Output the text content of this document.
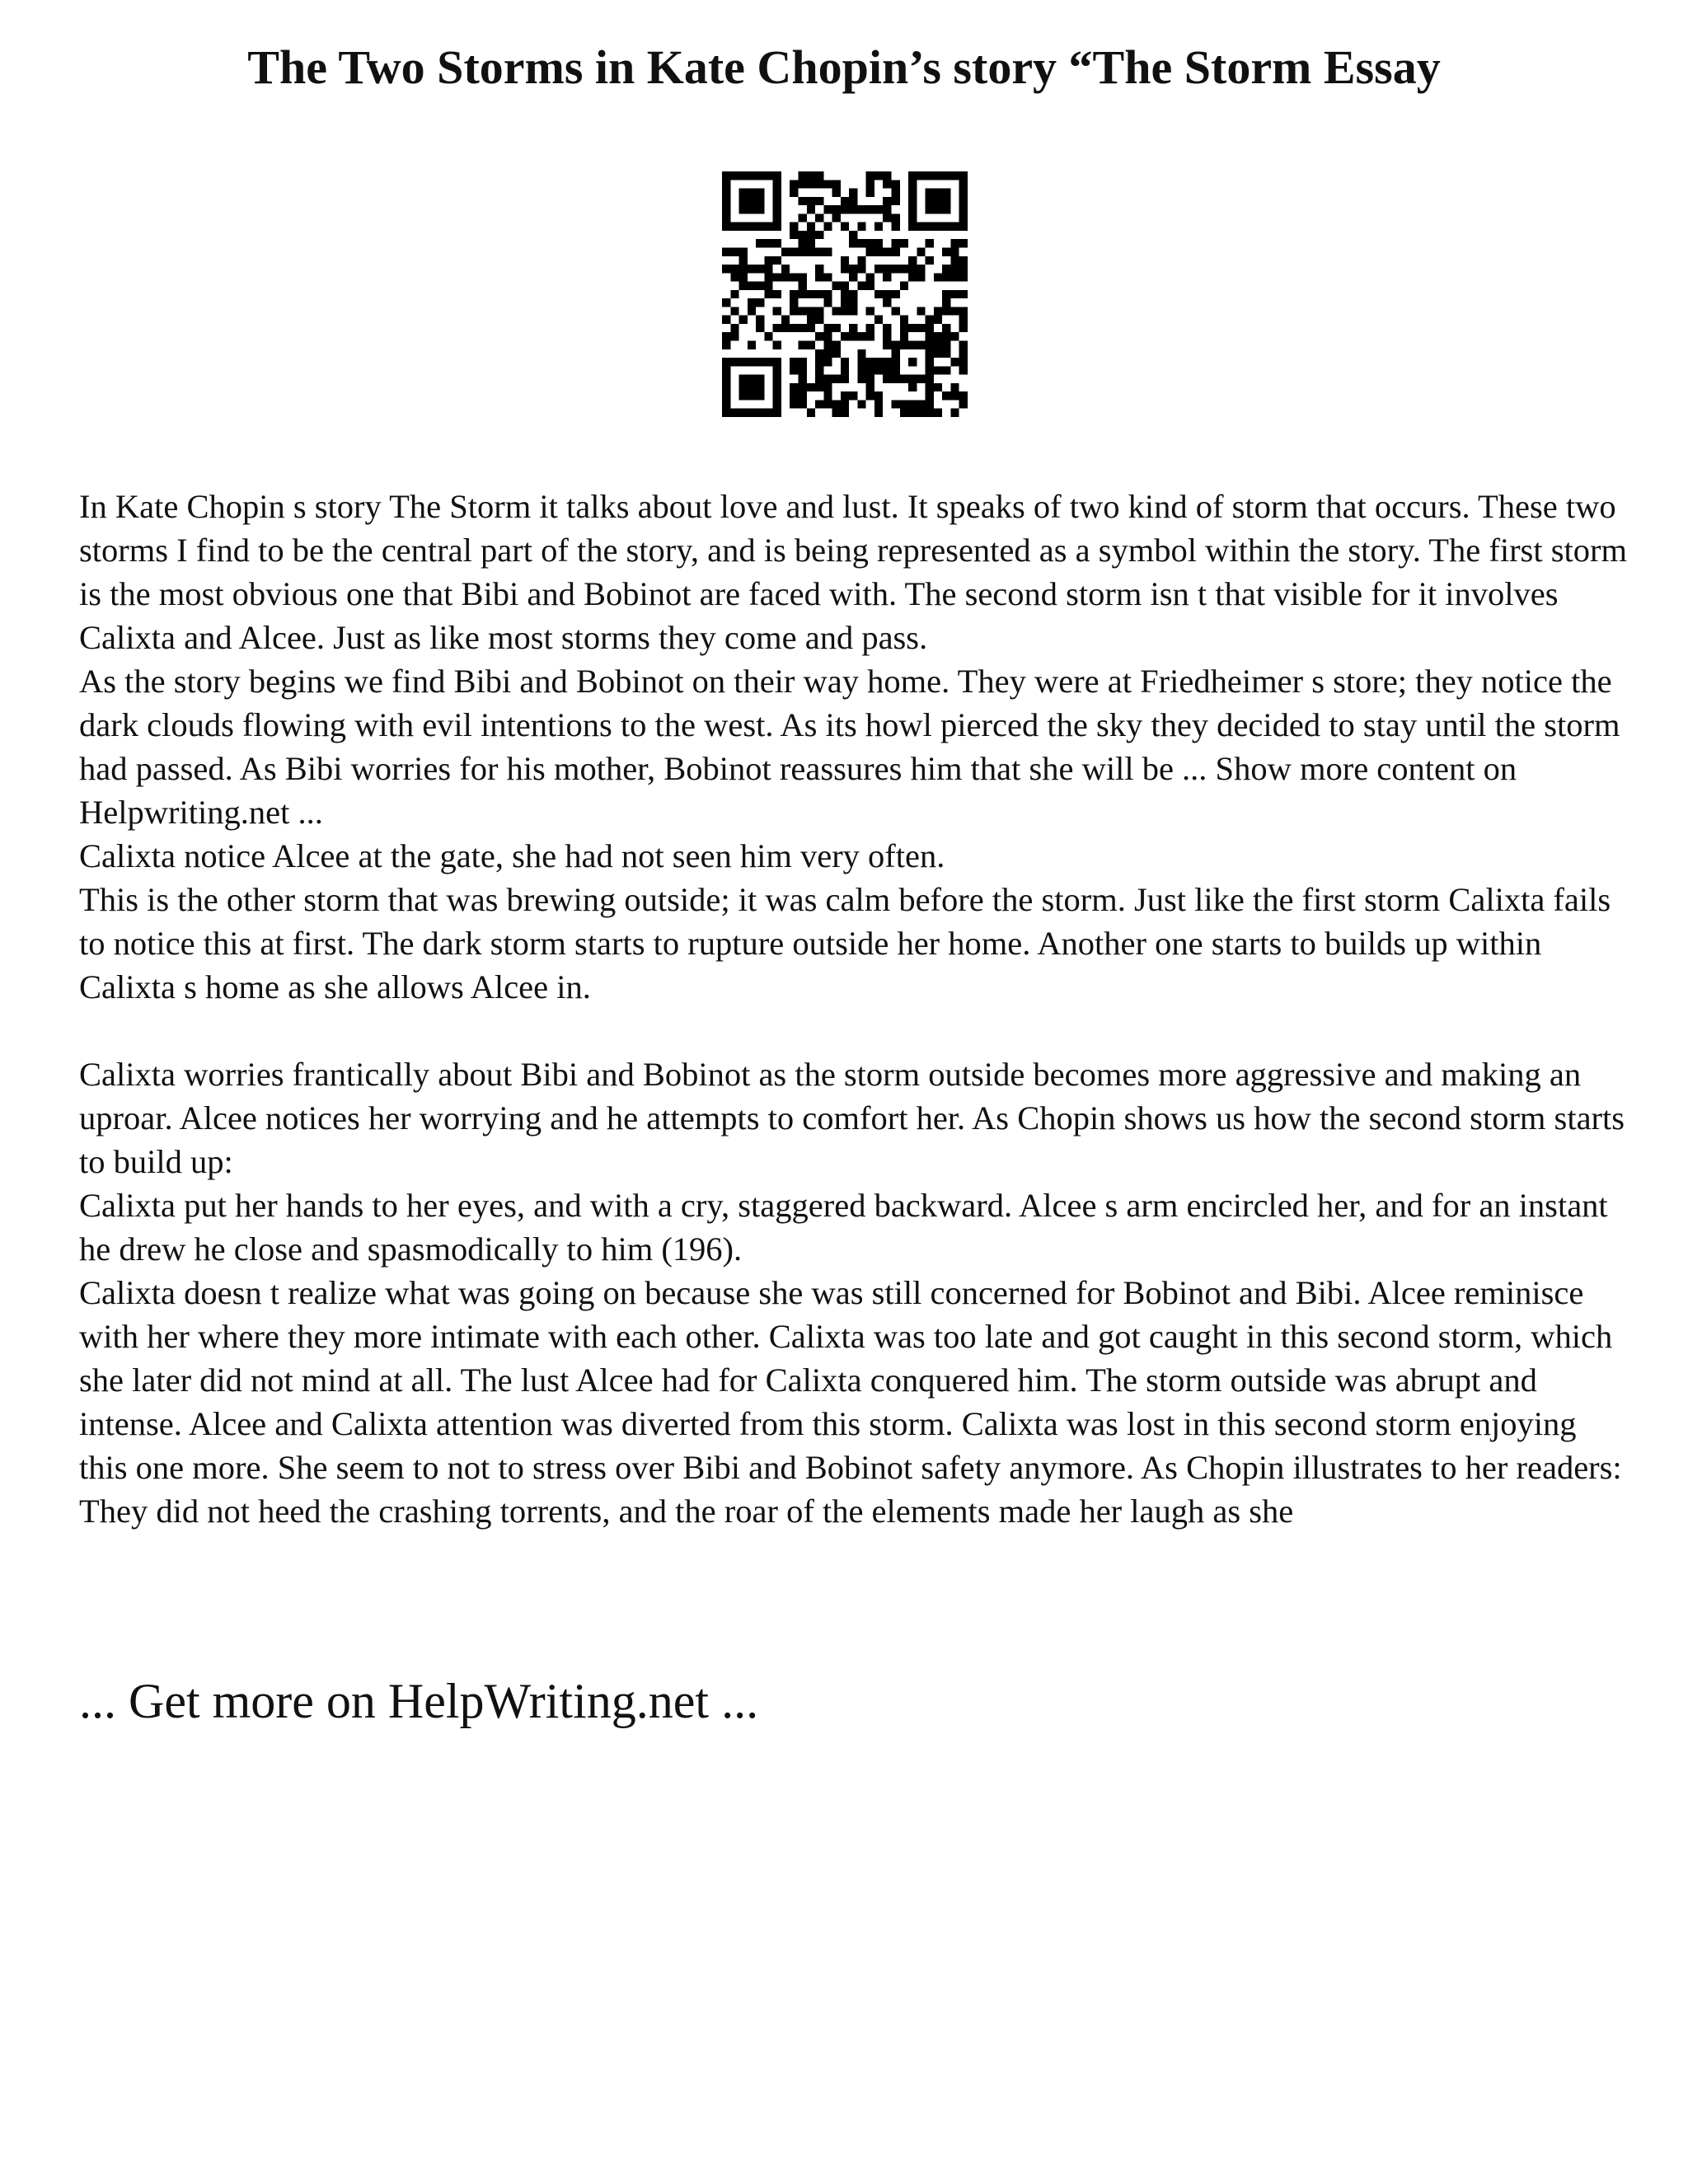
The Two Storms in Kate Chopin’s story “The Storm Essay

In Kate Chopin s story The Storm it talks about love and lust. It speaks of two kind of storm that occurs. These two storms I find to be the central part of the story, and is being represented as a symbol within the story. The first storm is the most obvious one that Bibi and Bobinot are faced with. The second storm isn t that visible for it involves Calixta and Alcee. Just as like most storms they come and pass.

As the story begins we find Bibi and Bobinot on their way home. They were at Friedheimer s store; they notice the dark clouds flowing with evil intentions to the west. As its howl pierced the sky they decided to stay until the storm had passed. As Bibi worries for his mother, Bobinot reassures him that she will be ... Show more content on Helpwriting.net ...

Calixta notice Alcee at the gate, she had not seen him very often.

This is the other storm that was brewing outside; it was calm before the storm. Just like the first storm Calixta fails to notice this at first. The dark storm starts to rupture outside her home. Another one starts to builds up within Calixta s home as she allows Alcee in.

Calixta worries frantically about Bibi and Bobinot as the storm outside becomes more aggressive and making an uproar. Alcee notices her worrying and he attempts to comfort her. As Chopin shows us how the second storm starts to build up:

Calixta put her hands to her eyes, and with a cry, staggered backward. Alcee s arm encircled her, and for an instant he drew he close and spasmodically to him (196).

Calixta doesn t realize what was going on because she was still concerned for Bobinot and Bibi. Alcee reminisce with her where they more intimate with each other. Calixta was too late and got caught in this second storm, which she later did not mind at all. The lust Alcee had for Calixta conquered him. The storm outside was abrupt and intense. Alcee and Calixta attention was diverted from this storm. Calixta was lost in this second storm enjoying this one more. She seem to not to stress over Bibi and Bobinot safety anymore. As Chopin illustrates to her readers:

They did not heed the crashing torrents, and the roar of the elements made her laugh as she

... Get more on HelpWriting.net ...
